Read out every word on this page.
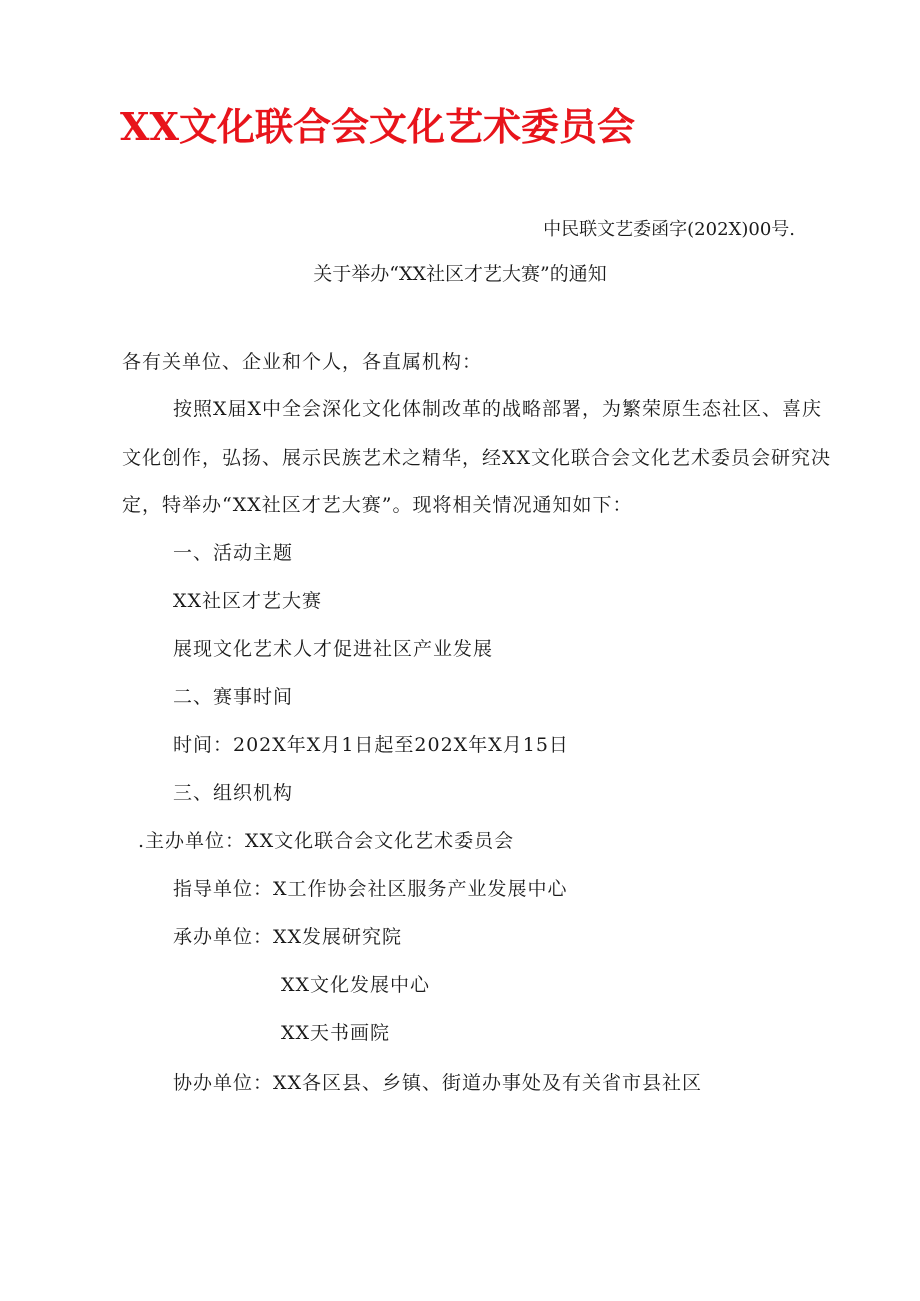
XX文化联合会文化艺术委员会
中民联文艺委函字(202X)00号.
关于举办“XX社区才艺大赛”的通知
各有关单位、企业和个人，各直属机构：
按照X届X中全会深化文化体制改革的战略部署，为繁荣原生态社区、喜庆
文化创作，弘扬、展示民族艺术之精华，经XX文化联合会文化艺术委员会研究决
定，特举办“XX社区才艺大赛”。现将相关情况通知如下：
一、活动主题
XX社区才艺大赛
展现文化艺术人才促进社区产业发展
二、赛事时间
时间：202X年X月1日起至202X年X月15日
三、组织机构
.主办单位：XX文化联合会文化艺术委员会
指导单位：X工作协会社区服务产业发展中心
承办单位：XX发展研究院
XX文化发展中心
XX天书画院
协办单位：XX各区县、乡镇、街道办事处及有关省市县社区
